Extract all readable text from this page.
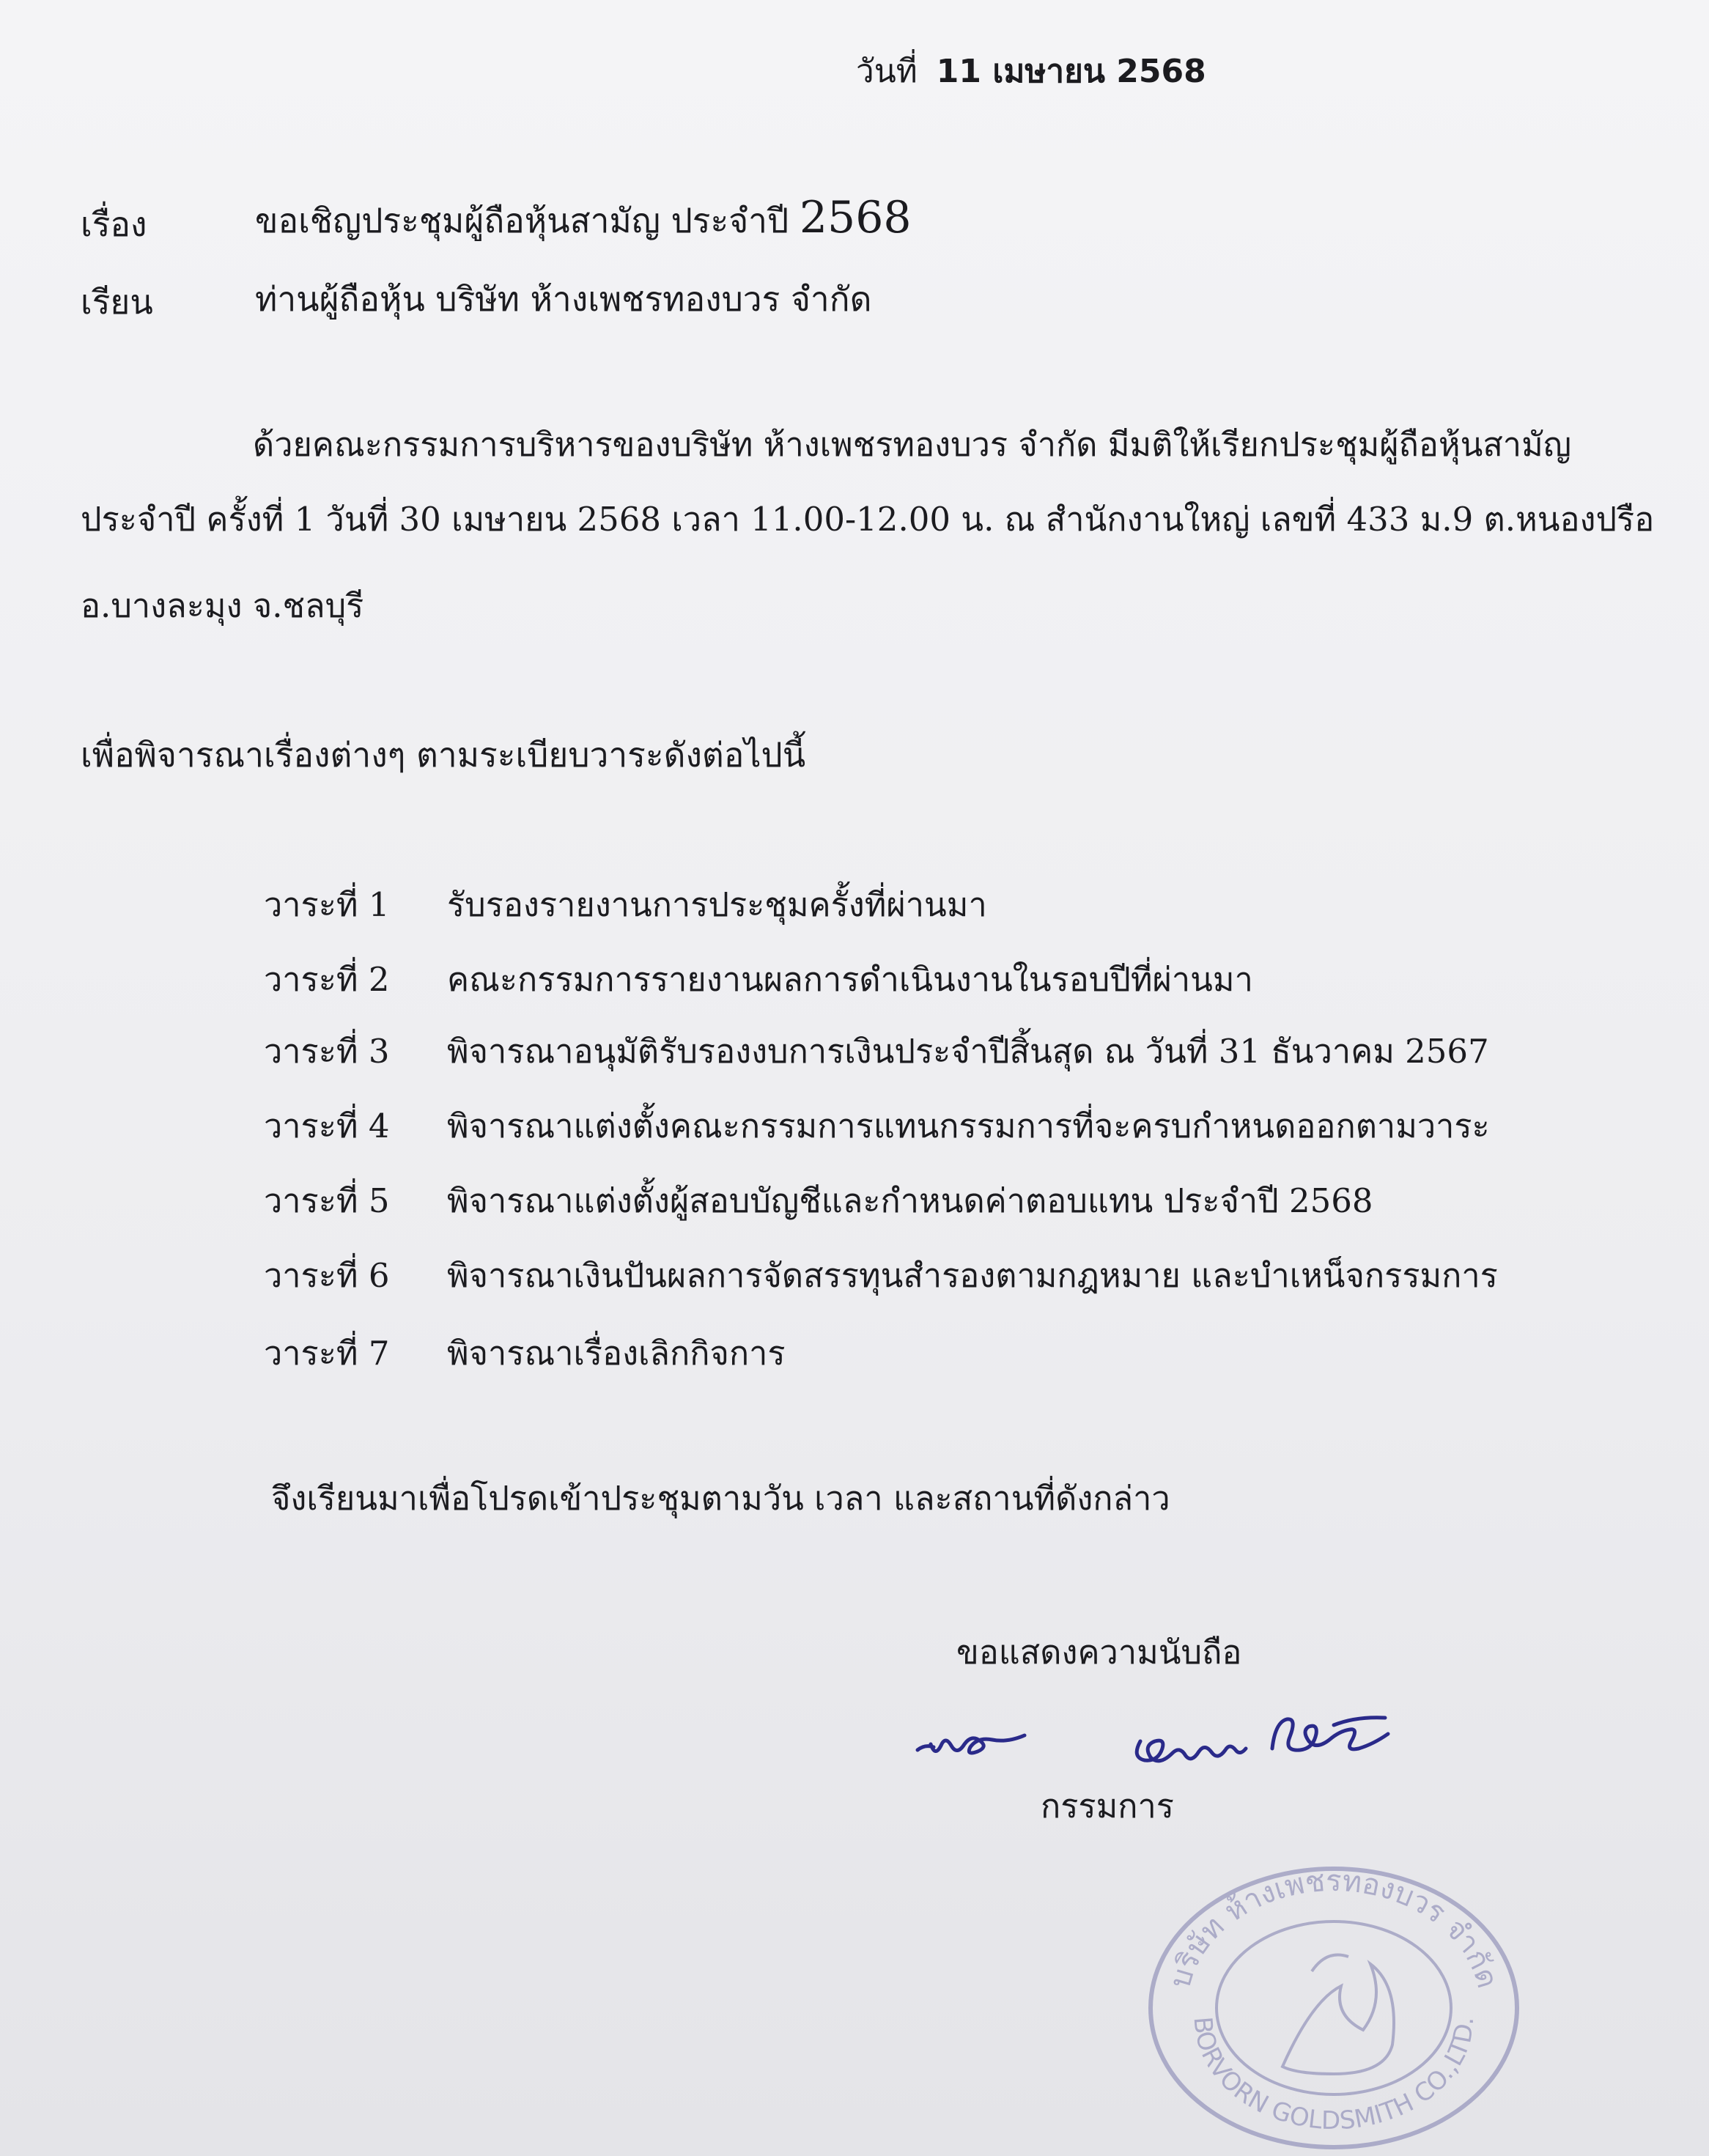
วันที่ 11 เมษายน 2568
เรื่อง	ขอเชิญประชุมผู้ถือหุ้นสามัญ ประจำปี 2568
เรียน	ท่านผู้ถือหุ้น บริษัท ห้างเพชรทองบวร จำกัด
ด้วยคณะกรรมการบริหารของบริษัท ห้างเพชรทองบวร จำกัด มีมติให้เรียกประชุมผู้ถือหุ้นสามัญ
ประจำปี ครั้งที่ 1 วันที่ 30 เมษายน 2568 เวลา 11.00-12.00 น. ณ สำนักงานใหญ่ เลขที่ 433 ม.9 ต.หนองปรือ
อ.บางละมุง จ.ชลบุรี
เพื่อพิจารณาเรื่องต่างๆ ตามระเบียบวาระดังต่อไปนี้
วาระที่ 1 รับรองรายงานการประชุมครั้งที่ผ่านมา
วาระที่ 2 คณะกรรมการรายงานผลการดำเนินงานในรอบปีที่ผ่านมา
วาระที่ 3 พิจารณาอนุมัติรับรองงบการเงินประจำปีสิ้นสุด ณ วันที่ 31 ธันวาคม 2567
วาระที่ 4 พิจารณาแต่งตั้งคณะกรรมการแทนกรรมการที่จะครบกำหนดออกตามวาระ
วาระที่ 5 พิจารณาแต่งตั้งผู้สอบบัญชีและกำหนดค่าตอบแทน ประจำปี 2568
วาระที่ 6 พิจารณาเงินปันผลการจัดสรรทุนสำรองตามกฎหมาย และบำเหน็จกรรมการ
วาระที่ 7 พิจารณาเรื่องเลิกกิจการ
จึงเรียนมาเพื่อโปรดเข้าประชุมตามวัน เวลา และสถานที่ดังกล่าว
ขอแสดงความนับถือ
กรรมการ
บริษัท ห้างเพชรทองบวร จำกัด
BORVORN GOLDSMITH CO.,LTD.
